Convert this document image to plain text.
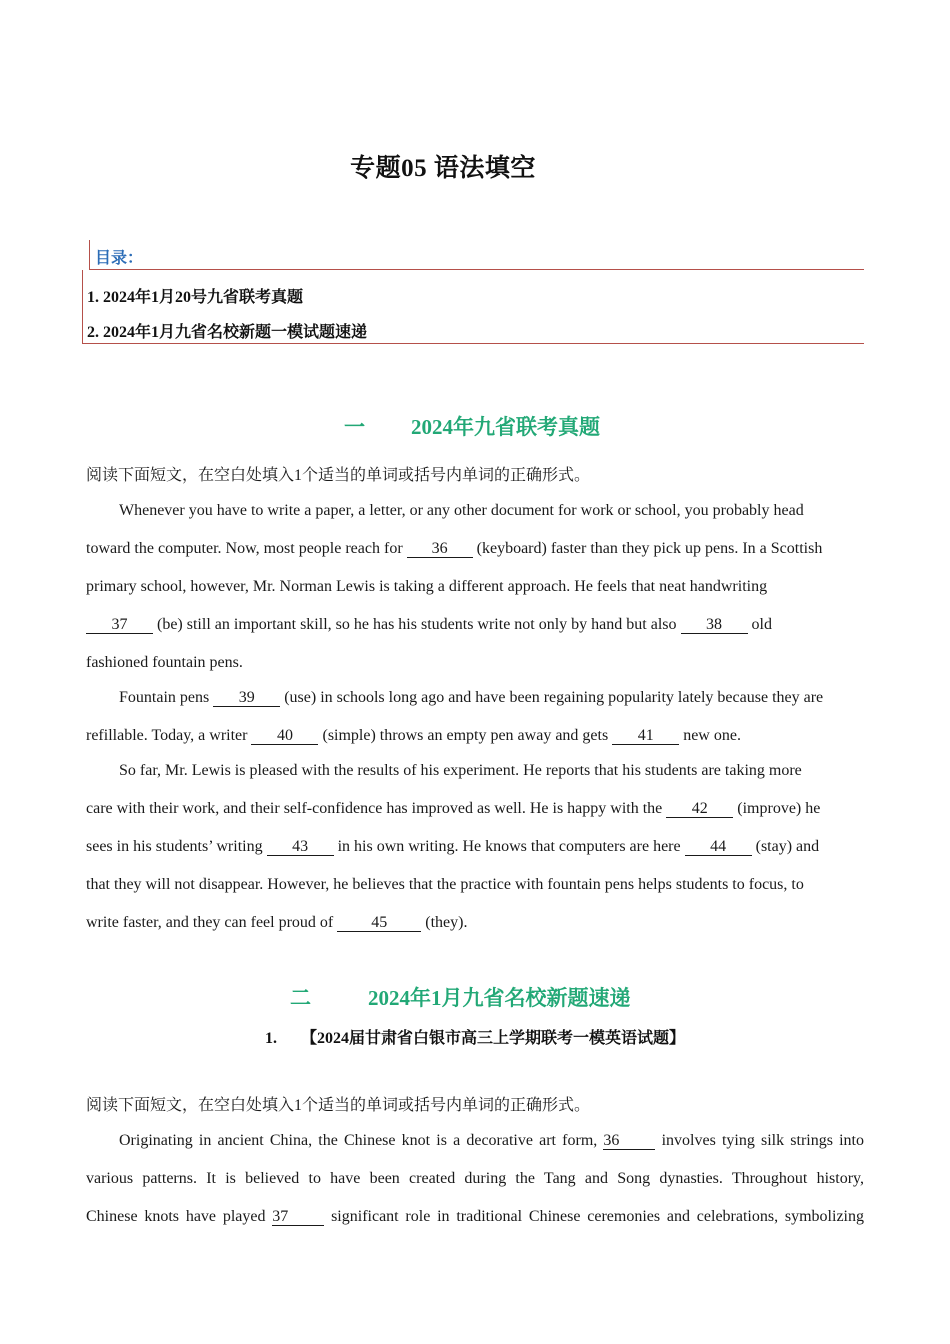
专题05 语法填空
目录：
1. 2024年1月20号九省联考真题
2. 2024年1月九省名校新题一模试题速递
一 2024年九省联考真题
阅读下面短文，在空白处填入1个适当的单词或括号内单词的正确形式。
Whenever you have to write a paper, a letter, or any other document for work or school, you probably head
toward the computer. Now, most people reach for 36 (keyboard) faster than they pick up pens. In a Scottish
primary school, however, Mr. Norman Lewis is taking a different approach. He feels that neat handwriting
37 (be) still an important skill, so he has his students write not only by hand but also 38 old
fashioned fountain pens.
Fountain pens 39 (use) in schools long ago and have been regaining popularity lately because they are
refillable. Today, a writer 40 (simple) throws an empty pen away and gets 41 new one.
So far, Mr. Lewis is pleased with the results of his experiment. He reports that his students are taking more
care with their work, and their self-confidence has improved as well. He is happy with the 42 (improve) he
sees in his students’ writing 43 in his own writing. He knows that computers are here 44 (stay) and
that they will not disappear. However, he believes that the practice with fountain pens helps students to focus, to
write faster, and they can feel proud of 45 (they).
二	2024年1月九省名校新题速递
1. 【2024届甘肃省白银市高三上学期联考一模英语试题】
阅读下面短文，在空白处填入1个适当的单词或括号内单词的正确形式。
Originating in ancient China, the Chinese knot is a decorative art form, 36 involves tying silk strings into
various patterns. It is believed to have been created during the Tang and Song dynasties. Throughout history,
Chinese knots have played 37 significant role in traditional Chinese ceremonies and celebrations, symbolizing
